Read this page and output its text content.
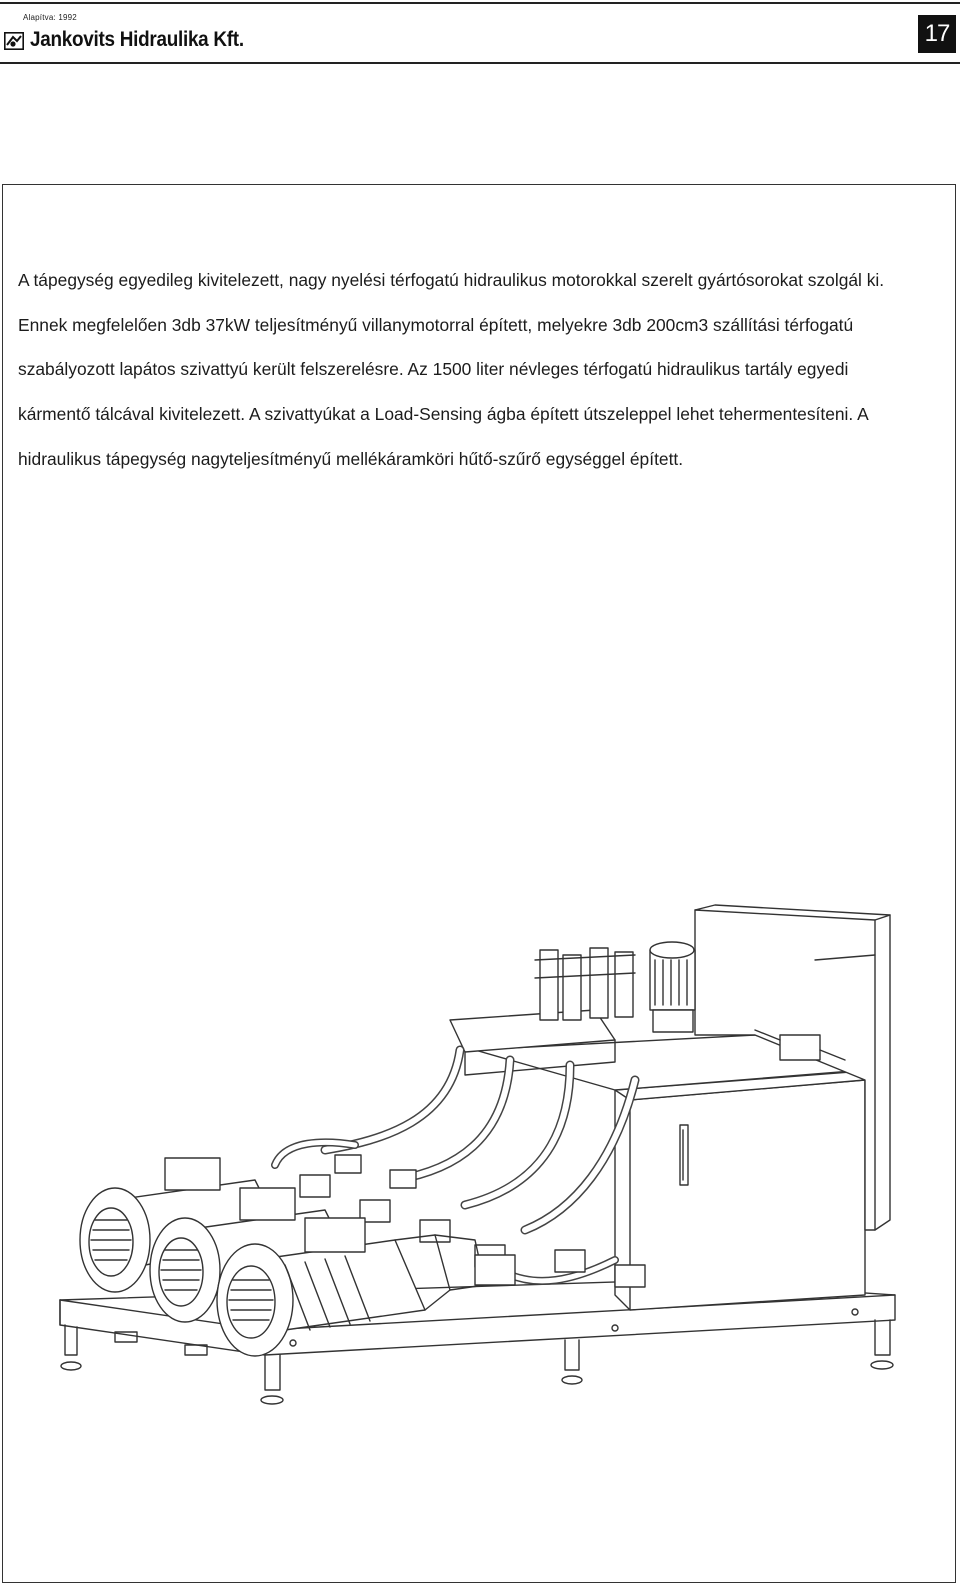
Alapítva: 1992
Jankovits Hidraulika Kft.	17

A tápegység egyedileg kivitelezett, nagy nyelési térfogatú hidraulikus motorokkal szerelt gyártósorokat szolgál ki. Ennek megfelelően 3db 37kW teljesítményű villanymotorral épített, melyekre 3db 200cm3 szállítási térfogatú szabályozott lapátos szivattyú került felszerelésre. Az 1500 liter névleges térfogatú hidraulikus tartály egyedi kármentő tálcával kivitelezett. A szivattyúkat a Load-Sensing ágba épített útszeleppel lehet tehermentesíteni. A hidraulikus tápegység nagyteljesítményű mellékáramköri hűtő-szűrő egységgel épített.
